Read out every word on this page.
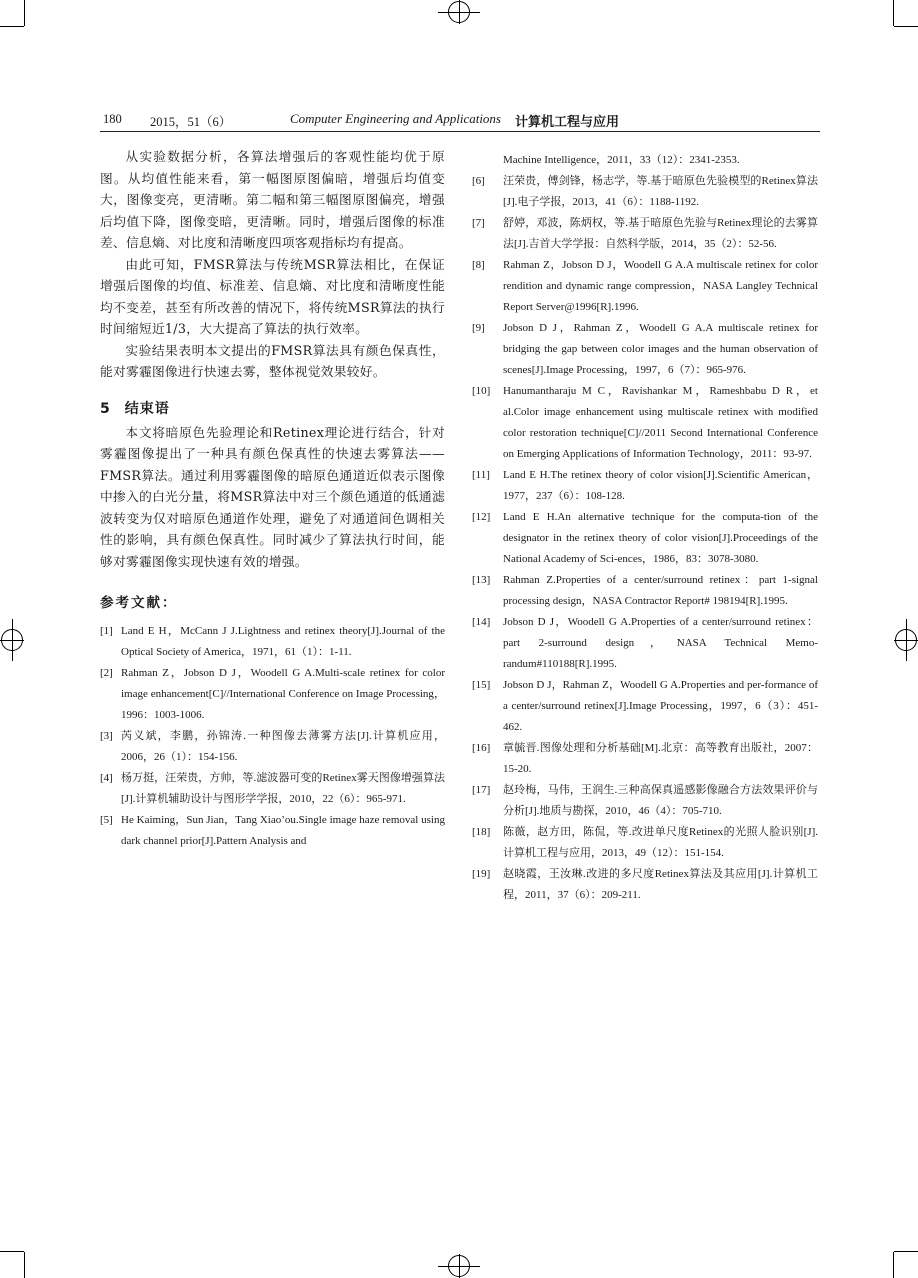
180 2015，51（6）	Computer Engineering and Applications 计算机工程与应用

从实验数据分析，各算法增强后的客观性能均优于原图。从均值性能来看，第一幅图原图偏暗，增强后均值变大，图像变亮，更清晰。第二幅和第三幅图原图偏亮，增强后均值下降，图像变暗，更清晰。同时，增强后图像的标准差、信息熵、对比度和清晰度四项客观指标均有提高。

由此可知，FMSR算法与传统MSR算法相比，在保证增强后图像的均值、标准差、信息熵、对比度和清晰度性能均不变差，甚至有所改善的情况下，将传统MSR算法的执行时间缩短近1/3，大大提高了算法的执行效率。

实验结果表明本文提出的FMSR算法具有颜色保真性，能对雾霾图像进行快速去雾，整体视觉效果较好。

5 结束语

本文将暗原色先验理论和Retinex理论进行结合，针对雾霾图像提出了一种具有颜色保真性的快速去雾算法——FMSR算法。通过利用雾霾图像的暗原色通道近似表示图像中掺入的白光分量，将MSR算法中对三个颜色通道的低通滤波转变为仅对暗原色通道作处理，避免了对通道间色调相关性的影响，具有颜色保真性。同时减少了算法执行时间，能够对雾霾图像实现快速有效的增强。

参考文献：
[1] Land E H，McCann J J.Lightness and retinex theory[J].Journal of the Optical Society of America，1971，61（1）：1-11.
[2] Rahman Z，Jobson D J，Woodell G A.Multi-scale retinex for color image enhancement[C]//International Conference on Image Processing，1996：1003-1006.
[3] 芮义斌，李鹏，孙锦涛.一种图像去薄雾方法[J].计算机应用，2006，26（1）：154-156.
[4] 杨万挺，汪荣贵，方帅，等.滤波器可变的Retinex雾天图像增强算法[J].计算机辅助设计与图形学学报，2010，22（6）：965-971.
[5] He Kaiming，Sun Jian，Tang Xiao’ou.Single image haze removal using dark channel prior[J].Pattern Analysis and
Machine Intelligence，2011，33（12）：2341-2353.
[6] 汪荣贵，傅剑锋，杨志学，等.基于暗原色先验模型的Retinex算法[J].电子学报，2013，41（6）：1188-1192.
[7] 舒婷，邓波，陈炳权，等.基于暗原色先验与Retinex理论的去雾算法[J].吉首大学学报：自然科学版，2014，35（2）：52-56.
[8] Rahman Z，Jobson D J，Woodell G A.A multiscale retinex for color rendition and dynamic range compression，NASA Langley Technical Report Server@1996[R].1996.
[9] Jobson D J，Rahman Z，Woodell G A.A multiscale retinex for bridging the gap between color images and the human observation of scenes[J].Image Processing，1997，6（7）：965-976.
[10] Hanumantharaju M C，Ravishankar M，Rameshbabu D R，et al.Color image enhancement using multiscale retinex with modified color restoration technique[C]//2011 Second International Conference on Emerging Applications of Information Technology，2011：93-97.
[11] Land E H.The retinex theory of color vision[J].Scientific American，1977，237（6）：108-128.
[12] Land E H.An alternative technique for the computa-tion of the designator in the retinex theory of color vision[J].Proceedings of the National Academy of Sci-ences，1986，83：3078-3080.
[13] Rahman Z.Properties of a center/surround retinex：part 1-signal processing design，NASA Contractor Report# 198194[R].1995.
[14] Jobson D J，Woodell G A.Properties of a center/surround retinex：part 2-surround design，NASA Technical Memo-randum#110188[R].1995.
[15] Jobson D J，Rahman Z，Woodell G A.Properties and per-formance of a center/surround retinex[J].Image Processing，1997，6（3）：451-462.
[16] 章毓晋.图像处理和分析基础[M].北京：高等教育出版社，2007：15-20.
[17] 赵玲梅，马伟，王润生.三种高保真遥感影像融合方法效果评价与分析[J].地质与勘探，2010，46（4）：705-710.
[18] 陈薇，赵方田，陈侃，等.改进单尺度Retinex的光照人脸识别[J].计算机工程与应用，2013，49（12）：151-154.
[19] 赵晓霞，王汝琳.改进的多尺度Retinex算法及其应用[J].计算机工程，2011，37（6）：209-211.
